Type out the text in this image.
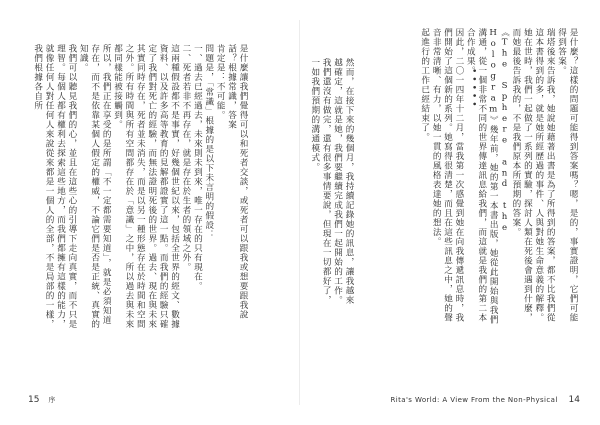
是什麼讓我們覺得可以和死者交談，或死者可以跟我或想要跟我說話？根據常識，答案

肯定是：不可能。

問題是，「常識」根據的是以下未言明的假設：

一、過去已經過去，未來則未到來，唯一存在的只有現在。

二、死者若非不再存在，就是存在於生者的領域之外。

這兩種假設都不是事實，好幾個世紀以來，包括全世界的經文、數據資料、以及許多高等教育的見解都證實了這一點。而我們的經驗只確定了我們對死亡的經驗，而無法證明死後的世界。過去、現在與未來其實同時存在，死者並未消失，而是以另一種形態存在於時間和空間之外。所有時間與所有空間都存在於「意識」之中，所以過去與未來都同樣能被接觸到。

所以，我們正在享受的是所謂「不一定都需要知道」，就是必須知道存在，而不是依靠某個人假定的權威，不論它們是否是正統、真實的知識。

我們可以聽見我們的心，並且在這些心的引導下走向真實，而不只是理智。每個人都有權利去探索這些地方，而我們都擁有這樣的能力，就像任何人對任何人來說從來都是一個人的全部，不是局部的一樣，我們根據各自所

15 序

是什麼？這樣的問題可能得到答案嗎？嗯，是的，事實證明，它們可能得到答案。

瑞塔後來告訴我，她說她藉著出書是為了所得到的答案，都不比我們從這本書得到的多，就是她所經歷過的事件、人與對她生命意義的解釋。她在世時，我們一起做了一系列的實驗，探討人類在死後會遇到什麼，而她最後告訴我的，不是我們原本所預期的答案。

《The Sphere and the Hologram》幾年前，她的第一本書出版，她從此開始與我們溝通，從一個非常不同的世界傳達訊息給我們，而這就是我們的第二本合作成果。

因此，二〇一四年十二月，當我第一次感覺到她在向我傳遞訊息時，我們開始了這個新的系列。她寫得很清楚，而且在這些訊息之中，她的聲音非常清晰、有力，以她一貫的風格表達她的想法。

起進行的工作已經結束了。	•••••

然而，在接下來的幾個月，我持續記錄她的訊息，讓我越來越確定，這就是她，我們要繼續完成我們一起開始的工作。我們還沒有做完，還有很多事情要說，但現在一切都好了，一如我們預期的溝通模式。

Rita's World: A View From the Non-Physical 14
